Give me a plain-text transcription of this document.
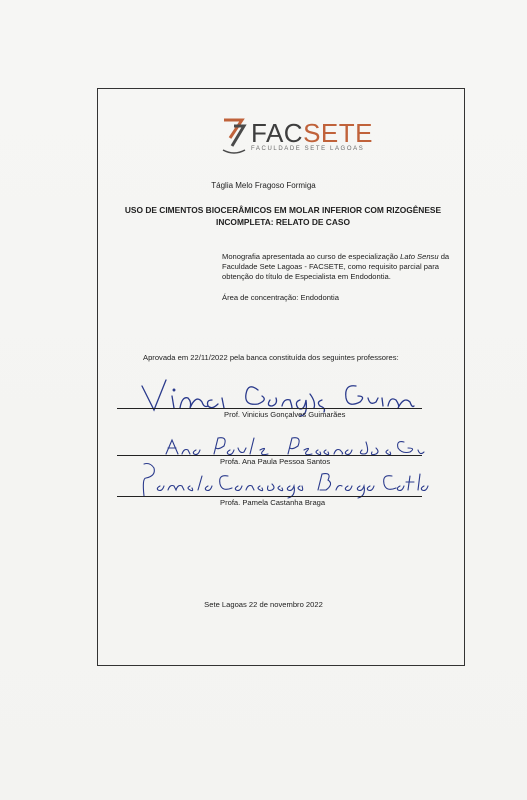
FACSETE
FACULDADE SETE LAGOAS
Táglia Melo Fragoso Formiga
USO DE CIMENTOS BIOCERÂMICOS EM MOLAR INFERIOR COM RIZOGÊNESE
INCOMPLETA: RELATO DE CASO
Monografia apresentada ao curso de especialização Lato Sensu da Faculdade Sete Lagoas - FACSETE, como requisito parcial para obtenção do título de Especialista em Endodontia.
Área de concentração: Endodontia
Aprovada em 22/11/2022 pela banca constituída dos seguintes professores:
Prof. Vinicius Gonçalves Guimarães
Profa. Ana Paula Pessoa Santos
Profa. Pamela Castanha Braga
Sete Lagoas 22 de novembro 2022
